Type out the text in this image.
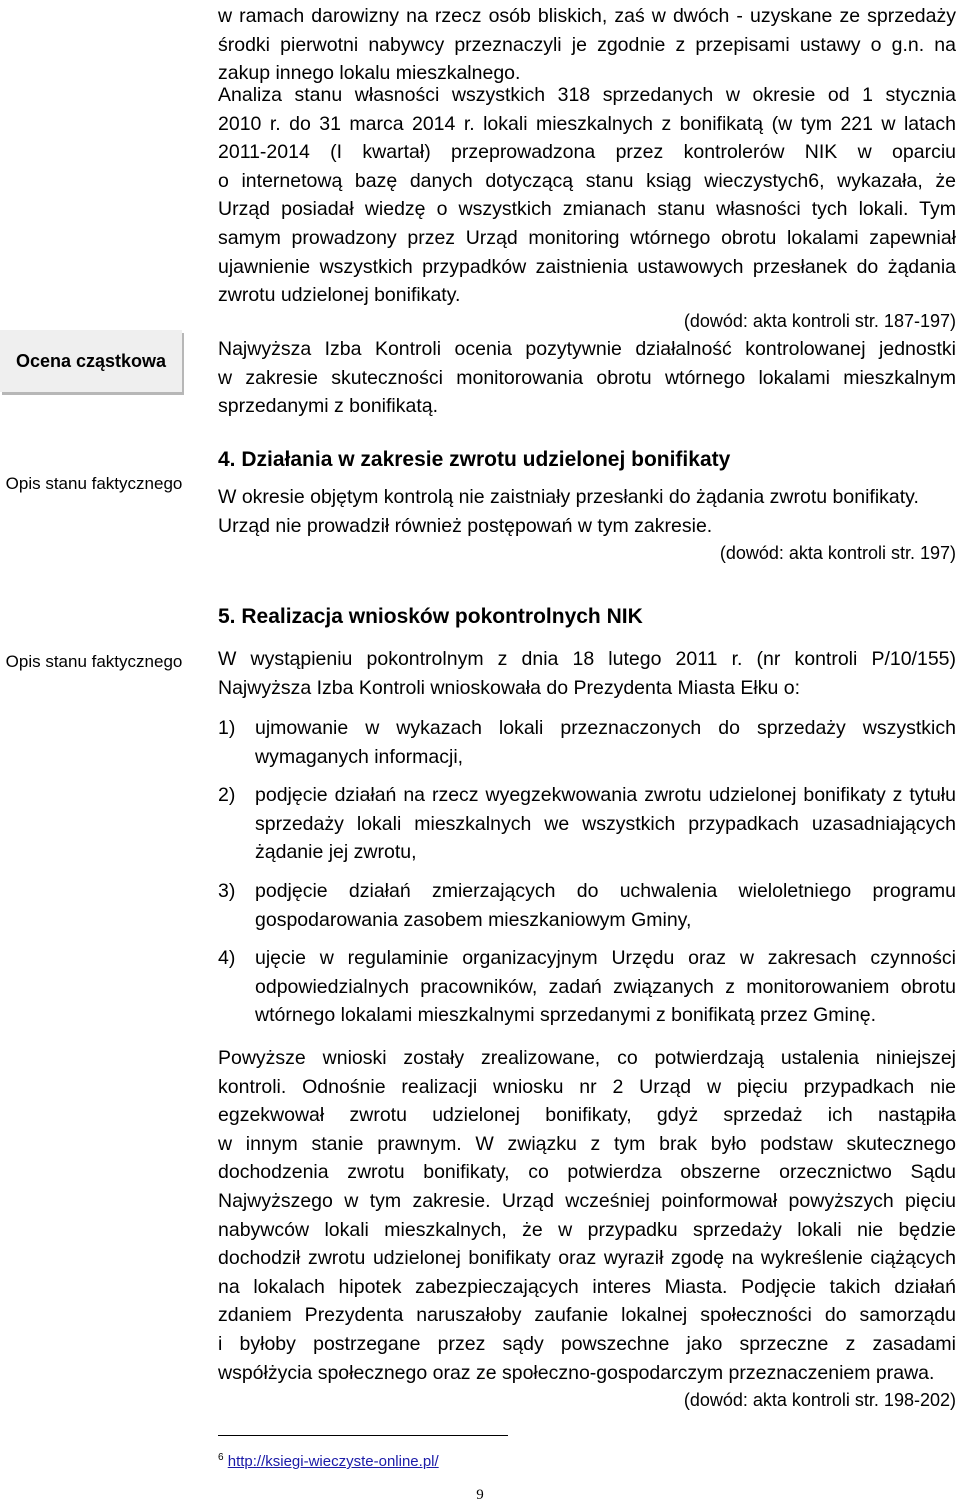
Ocena cząstkowa
Opis stanu faktycznego
Opis stanu faktycznego
w ramach darowizny na rzecz osób bliskich, zaś w dwóch - uzyskane ze sprzedaży
środki pierwotni nabywcy przeznaczyli je zgodnie z przepisami ustawy o g.n. na
zakup innego lokalu mieszkalnego.
Analiza stanu własności wszystkich 318 sprzedanych w okresie od 1 stycznia
2010 r. do 31 marca 2014 r. lokali mieszkalnych z bonifikatą (w tym 221 w latach
2011-2014 (I kwartał) przeprowadzona przez kontrolerów NIK w oparciu
o internetową bazę danych dotyczącą stanu ksiąg wieczystych6, wykazała, że
Urząd posiadał wiedzę o wszystkich zmianach stanu własności tych lokali. Tym
samym prowadzony przez Urząd monitoring wtórnego obrotu lokalami zapewniał
ujawnienie wszystkich przypadków zaistnienia ustawowych przesłanek do żądania
zwrotu udzielonej bonifikaty.
(dowód: akta kontroli str. 187-197)
Najwyższa Izba Kontroli ocenia pozytywnie działalność kontrolowanej jednostki
w zakresie skuteczności monitorowania obrotu wtórnego lokalami mieszkalnym
sprzedanymi z bonifikatą.
4. Działania w zakresie zwrotu udzielonej bonifikaty
W okresie objętym kontrolą nie zaistniały przesłanki do żądania zwrotu bonifikaty.
Urząd nie prowadził również postępowań w tym zakresie.
(dowód: akta kontroli str. 197)
5. Realizacja wniosków pokontrolnych NIK
W wystąpieniu pokontrolnym z dnia 18 lutego 2011 r. (nr kontroli P/10/155)
Najwyższa Izba Kontroli wnioskowała do Prezydenta Miasta Ełku o:
1)	ujmowanie w wykazach lokali przeznaczonych do sprzedaży wszystkich wymaganych informacji,
2)	podjęcie działań na rzecz wyegzekwowania zwrotu udzielonej bonifikaty z tytułu sprzedaży lokali mieszkalnych we wszystkich przypadkach uzasadniających żądanie jej zwrotu,
3)	podjęcie działań zmierzających do uchwalenia wieloletniego programu gospodarowania zasobem mieszkaniowym Gminy,
4)	ujęcie w regulaminie organizacyjnym Urzędu oraz w zakresach czynności odpowiedzialnych pracowników, zadań związanych z monitorowaniem obrotu wtórnego lokalami mieszkalnymi sprzedanymi z bonifikatą przez Gminę.
Powyższe wnioski zostały zrealizowane, co potwierdzają ustalenia niniejszej
kontroli. Odnośnie realizacji wniosku nr 2 Urząd w pięciu przypadkach nie
egzekwował zwrotu udzielonej bonifikaty, gdyż sprzedaż ich nastąpiła
w innym stanie prawnym. W związku z tym brak było podstaw skutecznego
dochodzenia zwrotu bonifikaty, co potwierdza obszerne orzecznictwo Sądu
Najwyższego w tym zakresie. Urząd wcześniej poinformował powyższych pięciu
nabywców lokali mieszkalnych, że w przypadku sprzedaży lokali nie będzie
dochodził zwrotu udzielonej bonifikaty oraz wyraził zgodę na wykreślenie ciążących
na lokalach hipotek zabezpieczających interes Miasta. Podjęcie takich działań
zdaniem Prezydenta naruszałoby zaufanie lokalnej społeczności do samorządu
i byłoby postrzegane przez sądy powszechne jako sprzeczne z zasadami
współżycia społecznego oraz ze społeczno-gospodarczym przeznaczeniem prawa.
(dowód: akta kontroli str. 198-202)
$^6$ http://ksiegi-wieczyste-online.pl/
9
